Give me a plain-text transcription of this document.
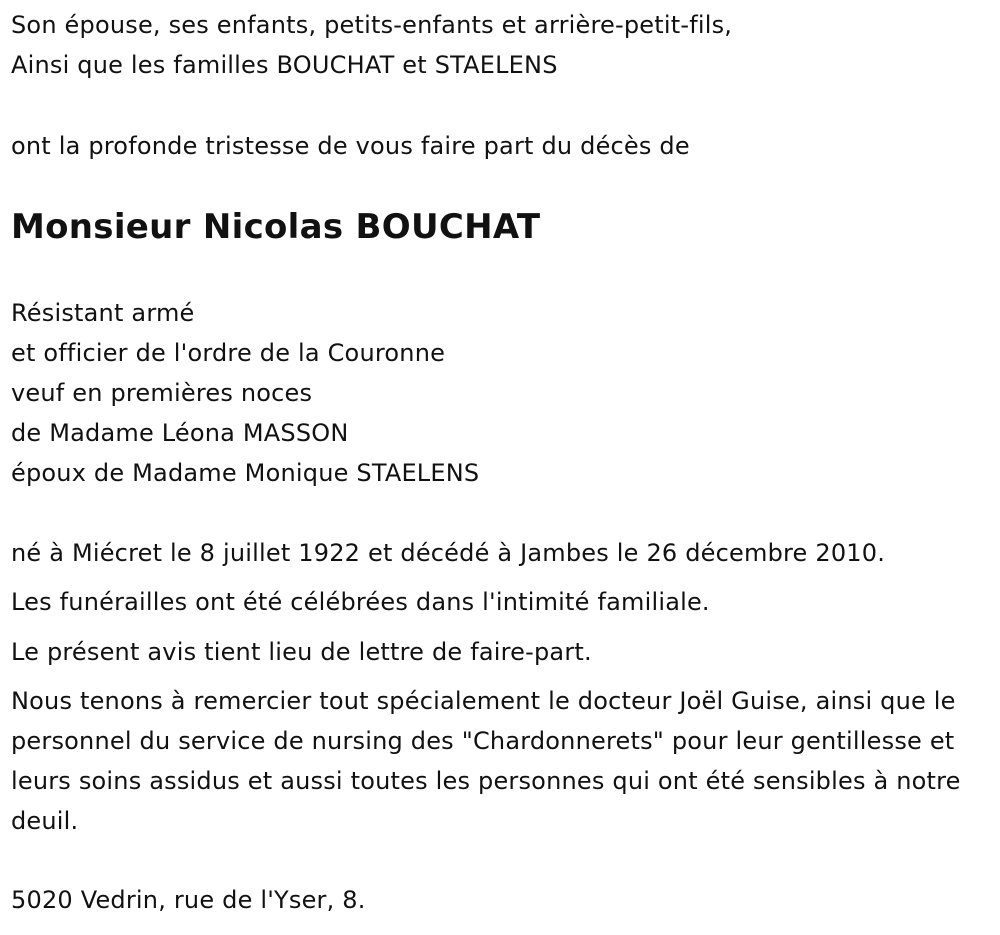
Son épouse, ses enfants, petits-enfants et arrière-petit-fils,

Ainsi que les familles BOUCHAT et STAELENS

ont la profonde tristesse de vous faire part du décès de

Monsieur Nicolas BOUCHAT

Résistant armé

et officier de l'ordre de la Couronne

veuf en premières noces

de Madame Léona MASSON

époux de Madame Monique STAELENS

né à Miécret le 8 juillet 1922 et décédé à Jambes le 26 décembre 2010.

Les funérailles ont été célébrées dans l'intimité familiale.

Le présent avis tient lieu de lettre de faire-part.

Nous tenons à remercier tout spécialement le docteur Joël Guise, ainsi que le personnel du service de nursing des "Chardonnerets" pour leur gentillesse et leurs soins assidus et aussi toutes les personnes qui ont été sensibles à notre deuil.

5020 Vedrin, rue de l'Yser, 8.
